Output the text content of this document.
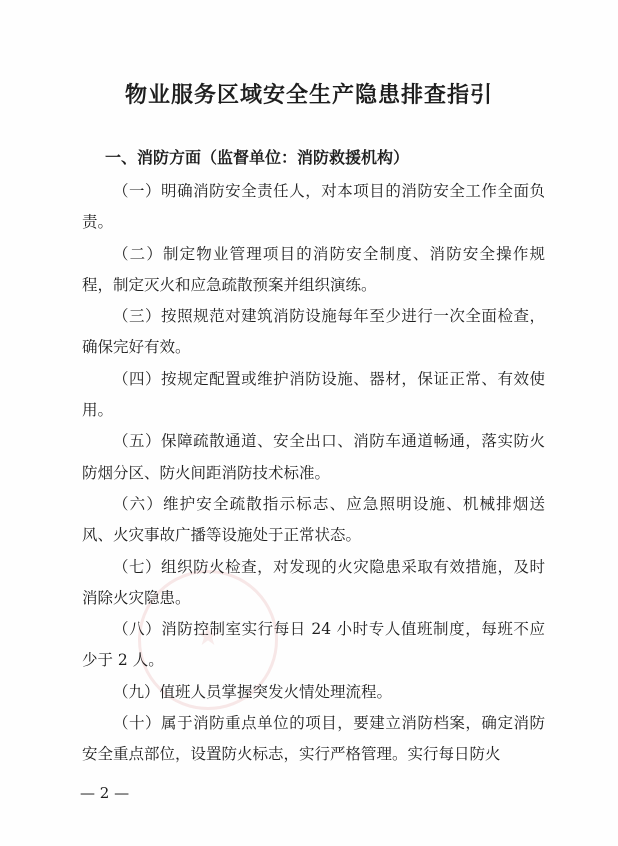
物业服务区域安全生产隐患排查指引
一、消防方面（监督单位：消防救援机构）

（一）明确消防安全责任人，对本项目的消防安全工作全面负责。

（二）制定物业管理项目的消防安全制度、消防安全操作规程，制定灭火和应急疏散预案并组织演练。

（三）按照规范对建筑消防设施每年至少进行一次全面检查，确保完好有效。

（四）按规定配置或维护消防设施、器材，保证正常、有效使用。

（五）保障疏散通道、安全出口、消防车通道畅通，落实防火防烟分区、防火间距消防技术标准。

（六）维护安全疏散指示标志、应急照明设施、机械排烟送风、火灾事故广播等设施处于正常状态。

（七）组织防火检查，对发现的火灾隐患采取有效措施，及时消除火灾隐患。

（八）消防控制室实行每日 24 小时专人值班制度，每班不应少于 2 人。

（九）值班人员掌握突发火情处理流程。

（十）属于消防重点单位的项目，要建立消防档案，确定消防安全重点部位，设置防火标志，实行严格管理。实行每日防火

— 2 —
